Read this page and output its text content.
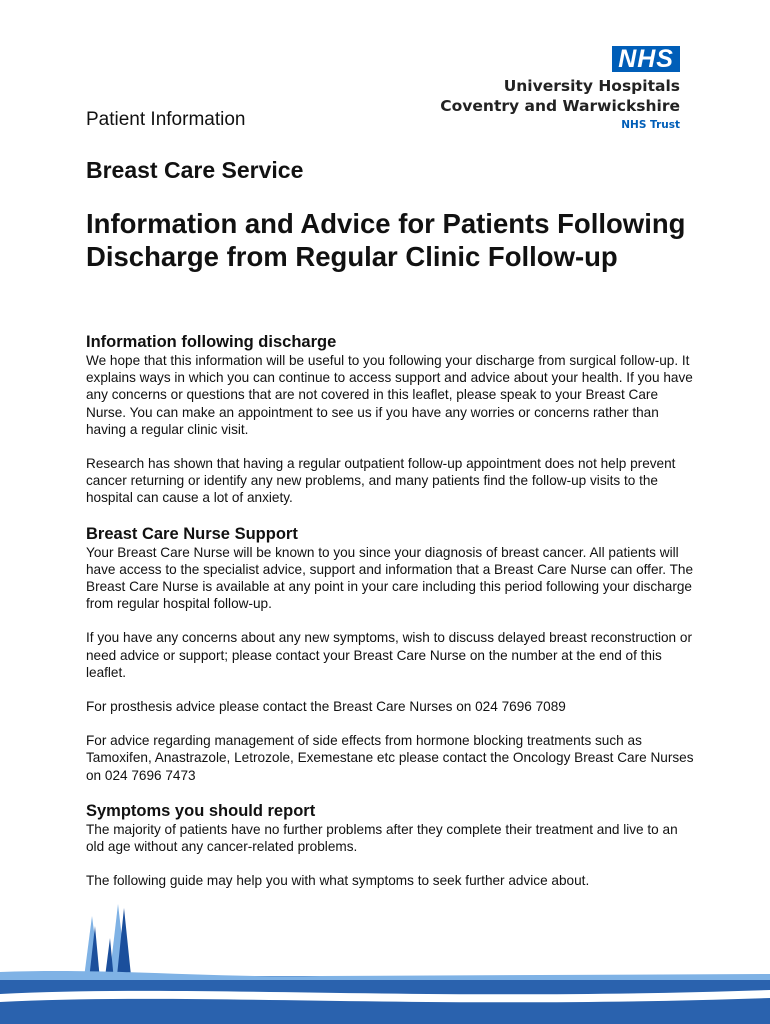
NHS
University Hospitals
Coventry and Warwickshire
NHS Trust
Patient Information
Breast Care Service
Information and Advice for Patients Following Discharge from Regular Clinic Follow-up
Information following discharge

We hope that this information will be useful to you following your discharge from surgical follow-up. It explains ways in which you can continue to access support and advice about your health. If you have any concerns or questions that are not covered in this leaflet, please speak to your Breast Care Nurse. You can make an appointment to see us if you have any worries or concerns rather than having a regular clinic visit.

Research has shown that having a regular outpatient follow-up appointment does not help prevent cancer returning or identify any new problems, and many patients find the follow-up visits to the hospital can cause a lot of anxiety.

Breast Care Nurse Support

Your Breast Care Nurse will be known to you since your diagnosis of breast cancer. All patients will have access to the specialist advice, support and information that a Breast Care Nurse can offer. The Breast Care Nurse is available at any point in your care including this period following your discharge from regular hospital follow-up.

If you have any concerns about any new symptoms, wish to discuss delayed breast reconstruction or need advice or support; please contact your Breast Care Nurse on the number at the end of this leaflet.

For prosthesis advice please contact the Breast Care Nurses on 024 7696 7089

For advice regarding management of side effects from hormone blocking treatments such as Tamoxifen, Anastrazole, Letrozole, Exemestane etc please contact the Oncology Breast Care Nurses on 024 7696 7473

Symptoms you should report

The majority of patients have no further problems after they complete their treatment and live to an old age without any cancer-related problems.

The following guide may help you with what symptoms to seek further advice about.
